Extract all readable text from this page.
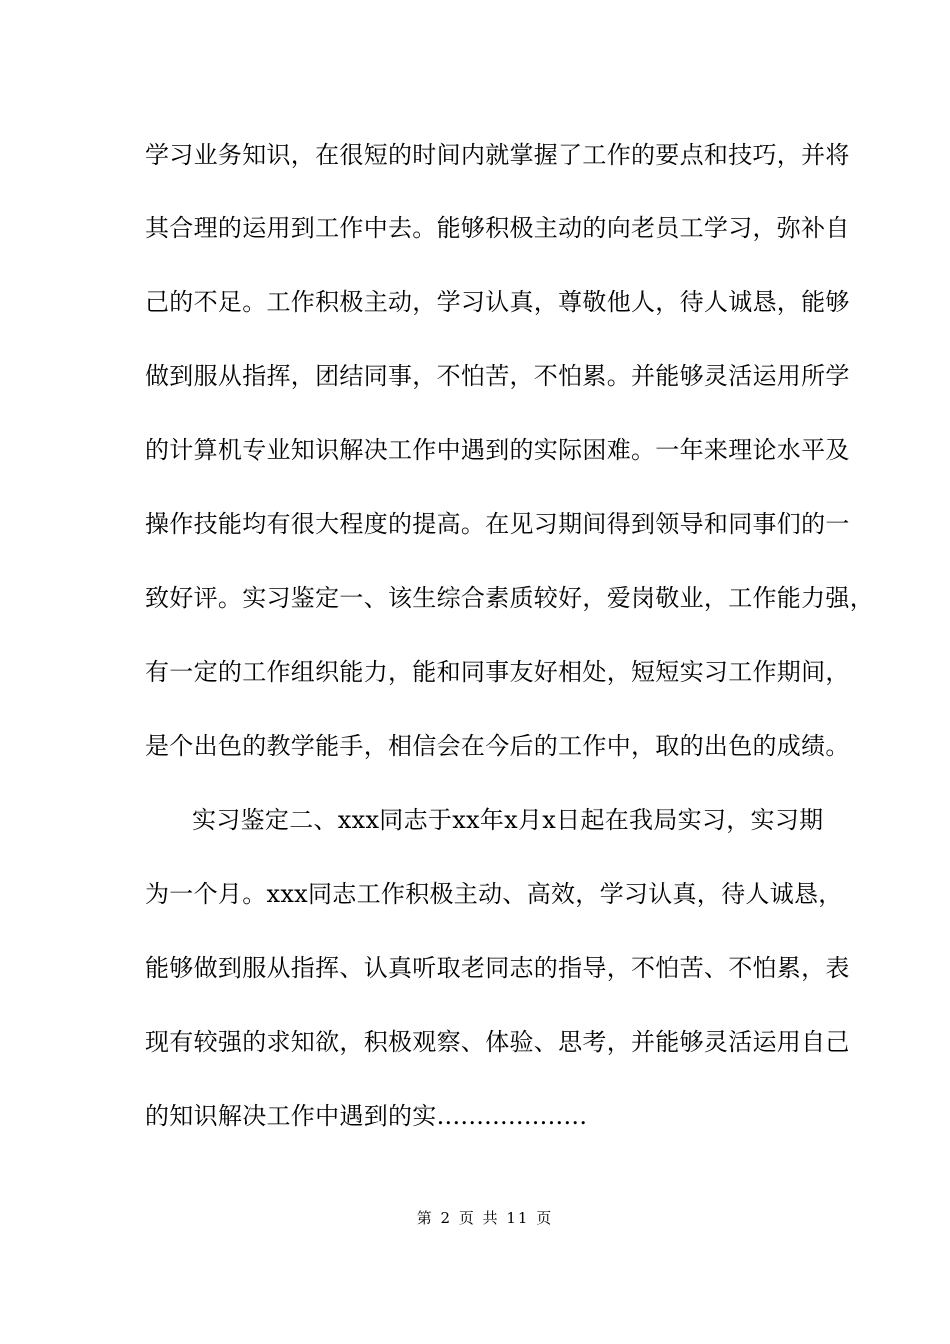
学习业务知识，在很短的时间内就掌握了工作的要点和技巧，并将
其合理的运用到工作中去。能够积极主动的向老员工学习，弥补自
己的不足。工作积极主动，学习认真，尊敬他人，待人诚恳，能够
做到服从指挥，团结同事，不怕苦，不怕累。并能够灵活运用所学
的计算机专业知识解决工作中遇到的实际困难。一年来理论水平及
操作技能均有很大程度的提高。在见习期间得到领导和同事们的一
致好评。实习鉴定一、该生综合素质较好，爱岗敬业，工作能力强，
有一定的工作组织能力，能和同事友好相处，短短实习工作期间，
是个出色的教学能手，相信会在今后的工作中，取的出色的成绩。
实习鉴定二、xxx同志于xx年x月x日起在我局实习，实习期
为一个月。xxx同志工作积极主动、高效，学习认真，待人诚恳，
能够做到服从指挥、认真听取老同志的指导，不怕苦、不怕累，表
现有较强的求知欲，积极观察、体验、思考，并能够灵活运用自己
的知识解决工作中遇到的实...................
第 2 页 共 11 页
